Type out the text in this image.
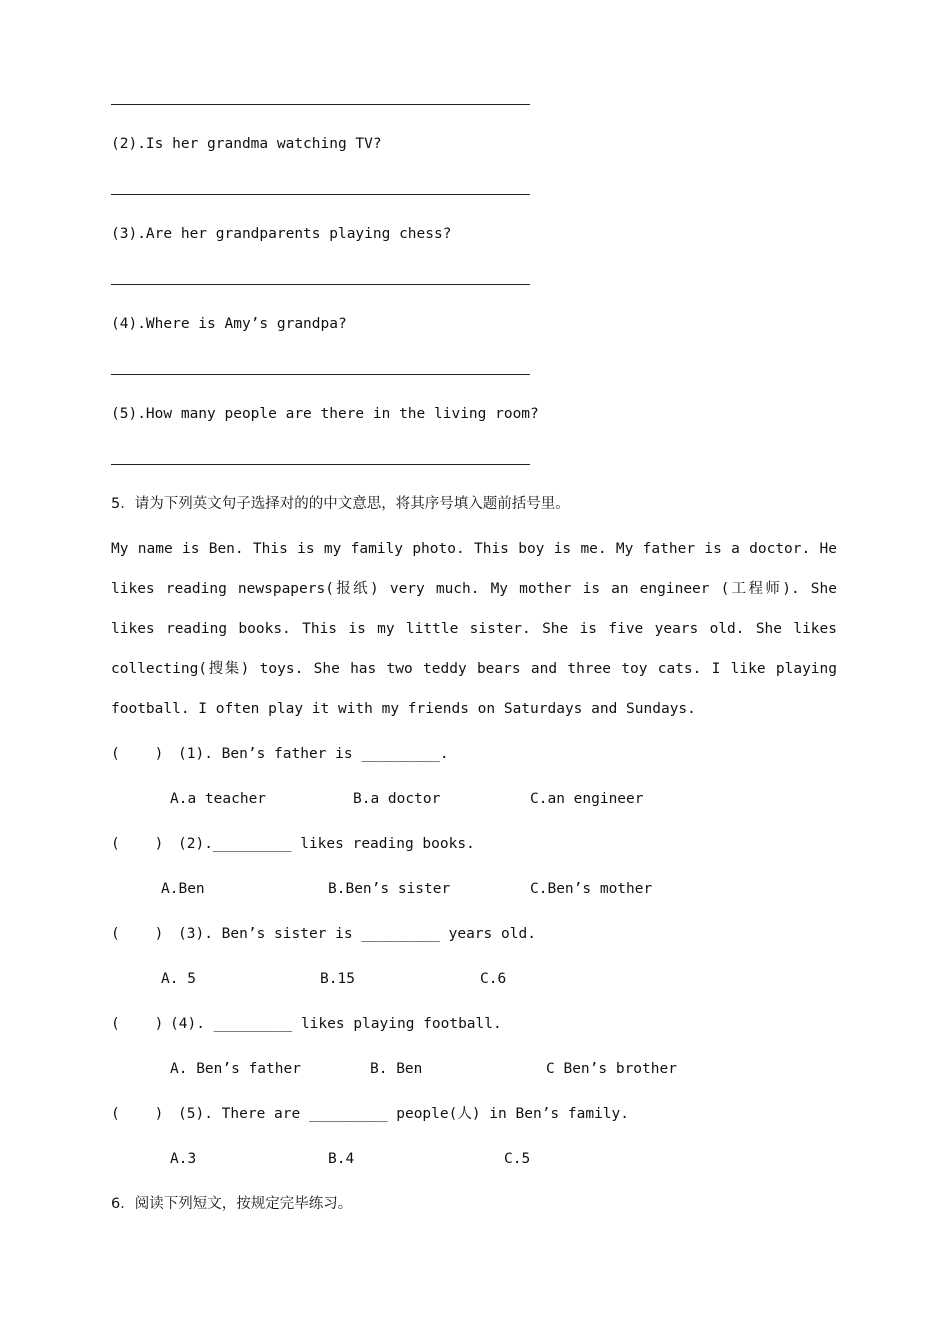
(2).Is her grandma watching TV?
(3).Are her grandparents playing chess?
(4).Where is Amy’s grandpa?
(5).How many people are there in the living room?
5．请为下列英文句子选择对的的中文意思，将其序号填入题前括号里。
My name is Ben. This is my family photo. This boy is me. My father is a doctor. He likes reading newspapers(报纸) very much. My mother is an engineer (工程师). She likes reading books. This is my little sister. She is five years old. She likes collecting(搜集) toys. She has two teddy bears and three toy cats. I like playing football. I often play it with my friends on Saturdays and Sundays.
(    ) (1). Ben’s father is _________.
A.a teacher	B.a doctor	C.an engineer
(    ) (2)._________ likes reading books.
A.Ben	B.Ben’s sister	C.Ben’s mother
(    ) (3). Ben’s sister is _________ years old.
A. 5	B.15	C.6
(    ) (4). _________ likes playing football.
A. Ben’s father	B. Ben	C Ben’s brother
(    ) (5). There are _________ people(人) in Ben’s family.
A.3	B.4	C.5
6．阅读下列短文，按规定完毕练习。
